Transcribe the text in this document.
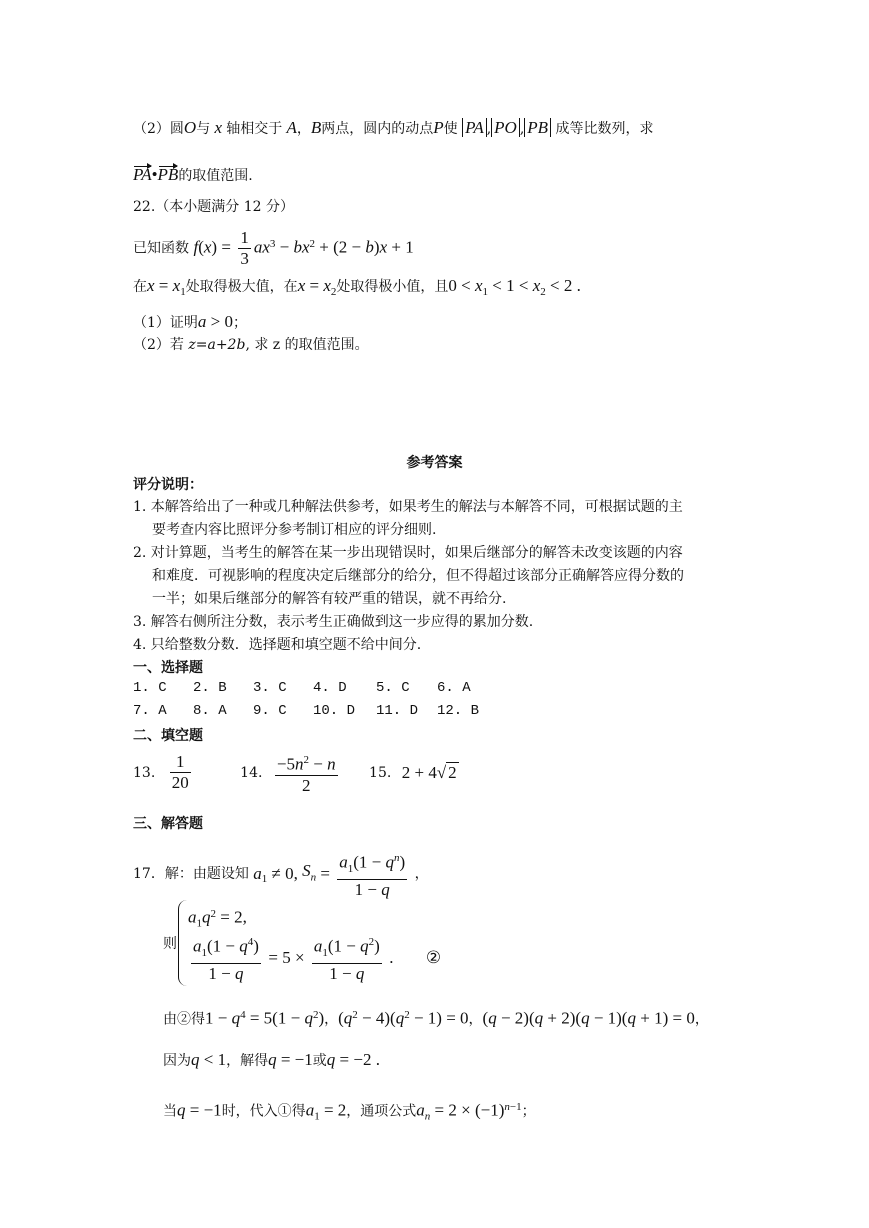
（2）圆O与 x 轴相交于 A，B两点，圆内的动点P使 PA , PO , PB 成等比数列，求
PA•PB的取值范围.
22.（本小题满分 12 分）
已知函数 $f(x) = \frac{1}{3} ax^3 - bx^2 + (2 - b)x + 1$
在$x = x_1$处取得极大值，在$x = x_2$处取得极小值，且$0 < x_1 < 1 < x_2 < 2$ .
（1）证明a > 0；
（2）若 z=a+2b, 求 z 的取值范围。
参考答案
评分说明：
1. 本解答给出了一种或几种解法供参考，如果考生的解法与本解答不同，可根据试题的主
要考查内容比照评分参考制订相应的评分细则.
2. 对计算题，当考生的解答在某一步出现错误时，如果后继部分的解答未改变该题的内容
和难度．可视影响的程度决定后继部分的给分，但不得超过该部分正确解答应得分数的
一半；如果后继部分的解答有较严重的错误，就不再给分.
3. 解答右侧所注分数，表示考生正确做到这一步应得的累加分数.
4. 只给整数分数．选择题和填空题不给中间分.
一、选择题
1. C 2. B 3. C 4. D 5. C 6. A
7. A 8. A 9. C 10. D 11. D 12. B
二、填空题
13. $\frac{1}{20}$	14. $\frac{-5n^2 - n}{2} 15$. 2 + 4√ 2
三、解答题
17．解：由题设知 $a_1 \ne 0$, $S_n = \frac{a_1(1 - q^n)}{1 - q}$ ，
则
$a_1q^2 = 2$,
$\frac{a_1(1 - q^4)}{1 - q} = 5 \times \frac{a_1(1 - q^2)}{1 - q}$ . ②
由②得$1 - q^4 = 5(1 - q^2)$，$(q^2 - 4)(q^2 - 1) = 0$，(q − 2)(q + 2)(q − 1)(q + 1) = 0，
因为q < 1，解得q = −1或q = −2 .
当q = −1时，代入①得$a_1 = 2$，通项公式$a_n = 2 \times (-1)^{n-1}$；
